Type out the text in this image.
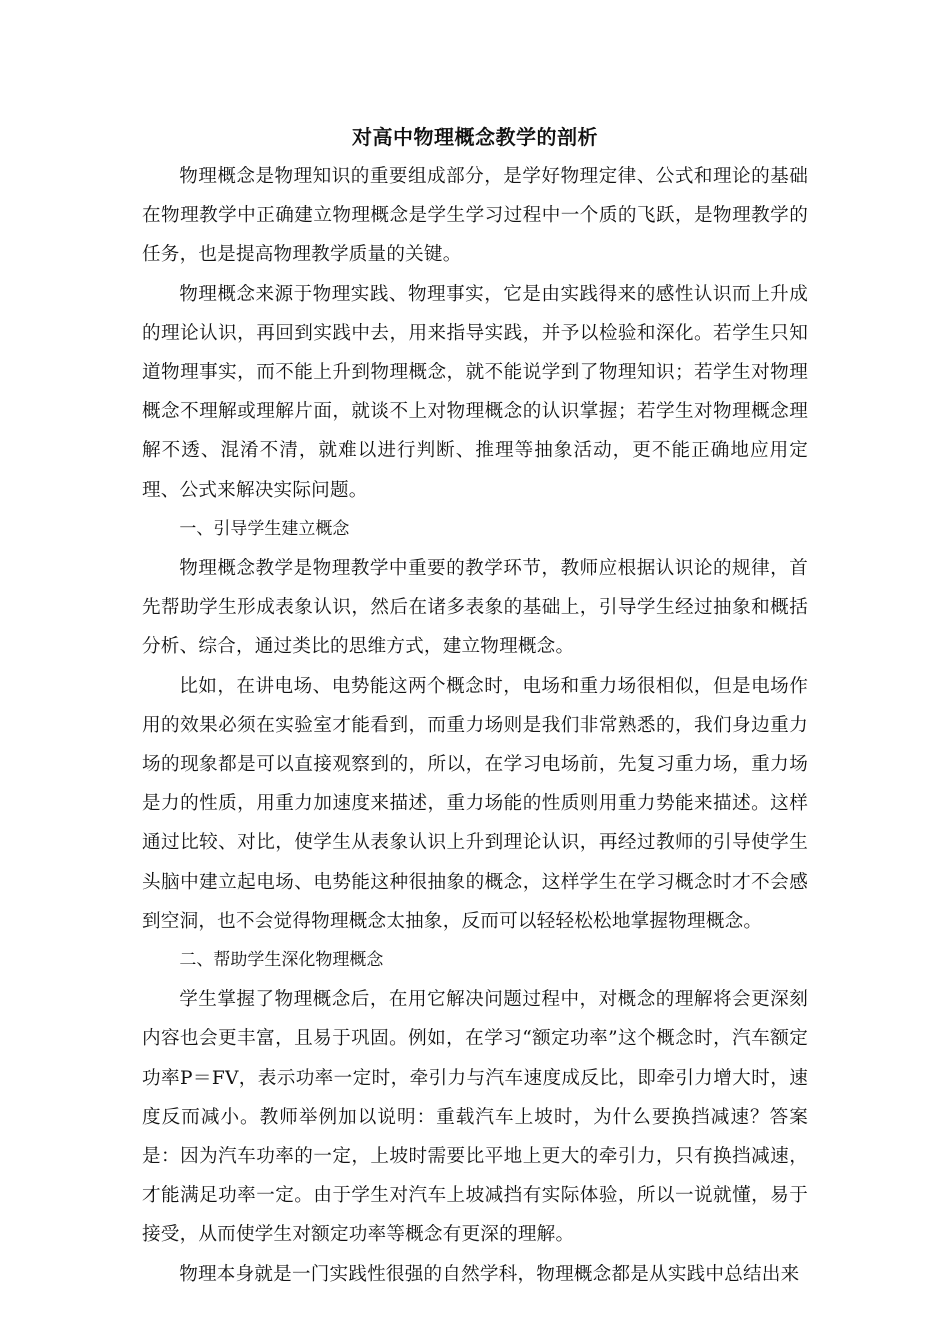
对高中物理概念教学的剖析

物理概念是物理知识的重要组成部分，是学好物理定律、公式和理论的基础在物理教学中正确建立物理概念是学生学习过程中一个质的飞跃，是物理教学的任务，也是提高物理教学质量的关键。

物理概念来源于物理实践、物理事实，它是由实践得来的感性认识而上升成的理论认识，再回到实践中去，用来指导实践，并予以检验和深化。若学生只知道物理事实，而不能上升到物理概念，就不能说学到了物理知识；若学生对物理概念不理解或理解片面，就谈不上对物理概念的认识掌握；若学生对物理概念理解不透、混淆不清，就难以进行判断、推理等抽象活动，更不能正确地应用定理、公式来解决实际问题。

一、引导学生建立概念

物理概念教学是物理教学中重要的教学环节，教师应根据认识论的规律，首先帮助学生形成表象认识，然后在诸多表象的基础上，引导学生经过抽象和概括分析、综合，通过类比的思维方式，建立物理概念。

比如，在讲电场、电势能这两个概念时，电场和重力场很相似，但是电场作用的效果必须在实验室才能看到，而重力场则是我们非常熟悉的，我们身边重力场的现象都是可以直接观察到的，所以，在学习电场前，先复习重力场，重力场是力的性质，用重力加速度来描述，重力场能的性质则用重力势能来描述。这样通过比较、对比，使学生从表象认识上升到理论认识，再经过教师的引导使学生头脑中建立起电场、电势能这种很抽象的概念，这样学生在学习概念时才不会感到空洞，也不会觉得物理概念太抽象，反而可以轻轻松松地掌握物理概念。

二、帮助学生深化物理概念

学生掌握了物理概念后，在用它解决问题过程中，对概念的理解将会更深刻内容也会更丰富，且易于巩固。例如，在学习“额定功率”这个概念时，汽车额定功率P＝FV，表示功率一定时，牵引力与汽车速度成反比，即牵引力增大时，速度反而减小。教师举例加以说明：重载汽车上坡时，为什么要换挡减速？答案是：因为汽车功率的一定，上坡时需要比平地上更大的牵引力，只有换挡减速，才能满足功率一定。由于学生对汽车上坡减挡有实际体验，所以一说就懂，易于接受，从而使学生对额定功率等概念有更深的理解。

物理本身就是一门实践性很强的自然学科，物理概念都是从实践中总结出来
